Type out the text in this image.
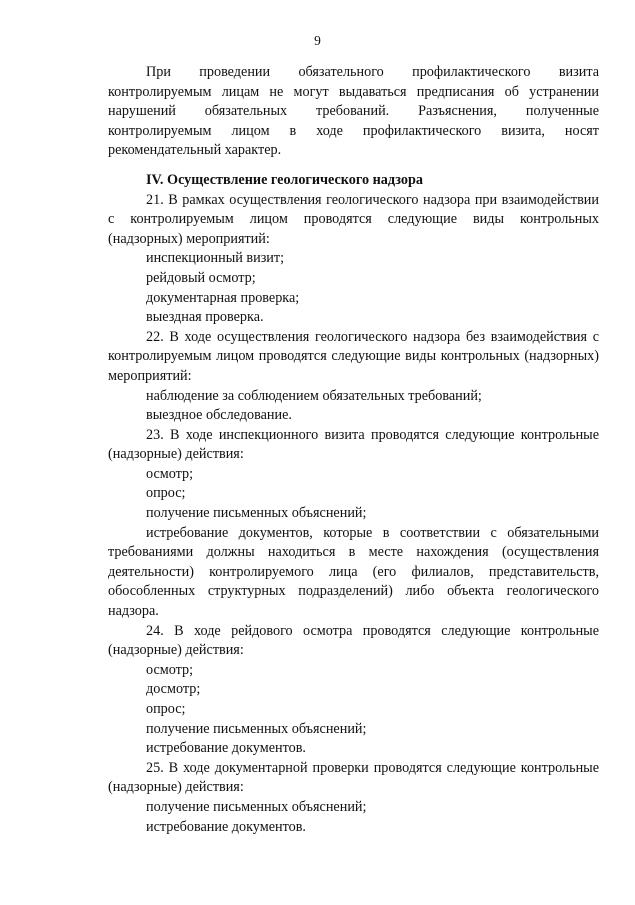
9

При проведении обязательного профилактического визита контролируемым лицам не могут выдаваться предписания об устранении нарушений обязательных требований. Разъяснения, полученные контролируемым лицом в ходе профилактического визита, носят рекомендательный характер.

IV. Осуществление геологического надзора

21. В рамках осуществления геологического надзора при взаимодействии с контролируемым лицом проводятся следующие виды контрольных (надзорных) мероприятий:

инспекционный визит;

рейдовый осмотр;

документарная проверка;

выездная проверка.

22. В ходе осуществления геологического надзора без взаимодействия с контролируемым лицом проводятся следующие виды контрольных (надзорных) мероприятий:

наблюдение за соблюдением обязательных требований;

выездное обследование.

23. В ходе инспекционного визита проводятся следующие контрольные (надзорные) действия:

осмотр;

опрос;

получение письменных объяснений;

истребование документов, которые в соответствии с обязательными требованиями должны находиться в месте нахождения (осуществления деятельности) контролируемого лица (его филиалов, представительств, обособленных структурных подразделений) либо объекта геологического надзора.

24. В ходе рейдового осмотра проводятся следующие контрольные (надзорные) действия:

осмотр;

досмотр;

опрос;

получение письменных объяснений;

истребование документов.

25. В ходе документарной проверки проводятся следующие контрольные (надзорные) действия:

получение письменных объяснений;

истребование документов.
